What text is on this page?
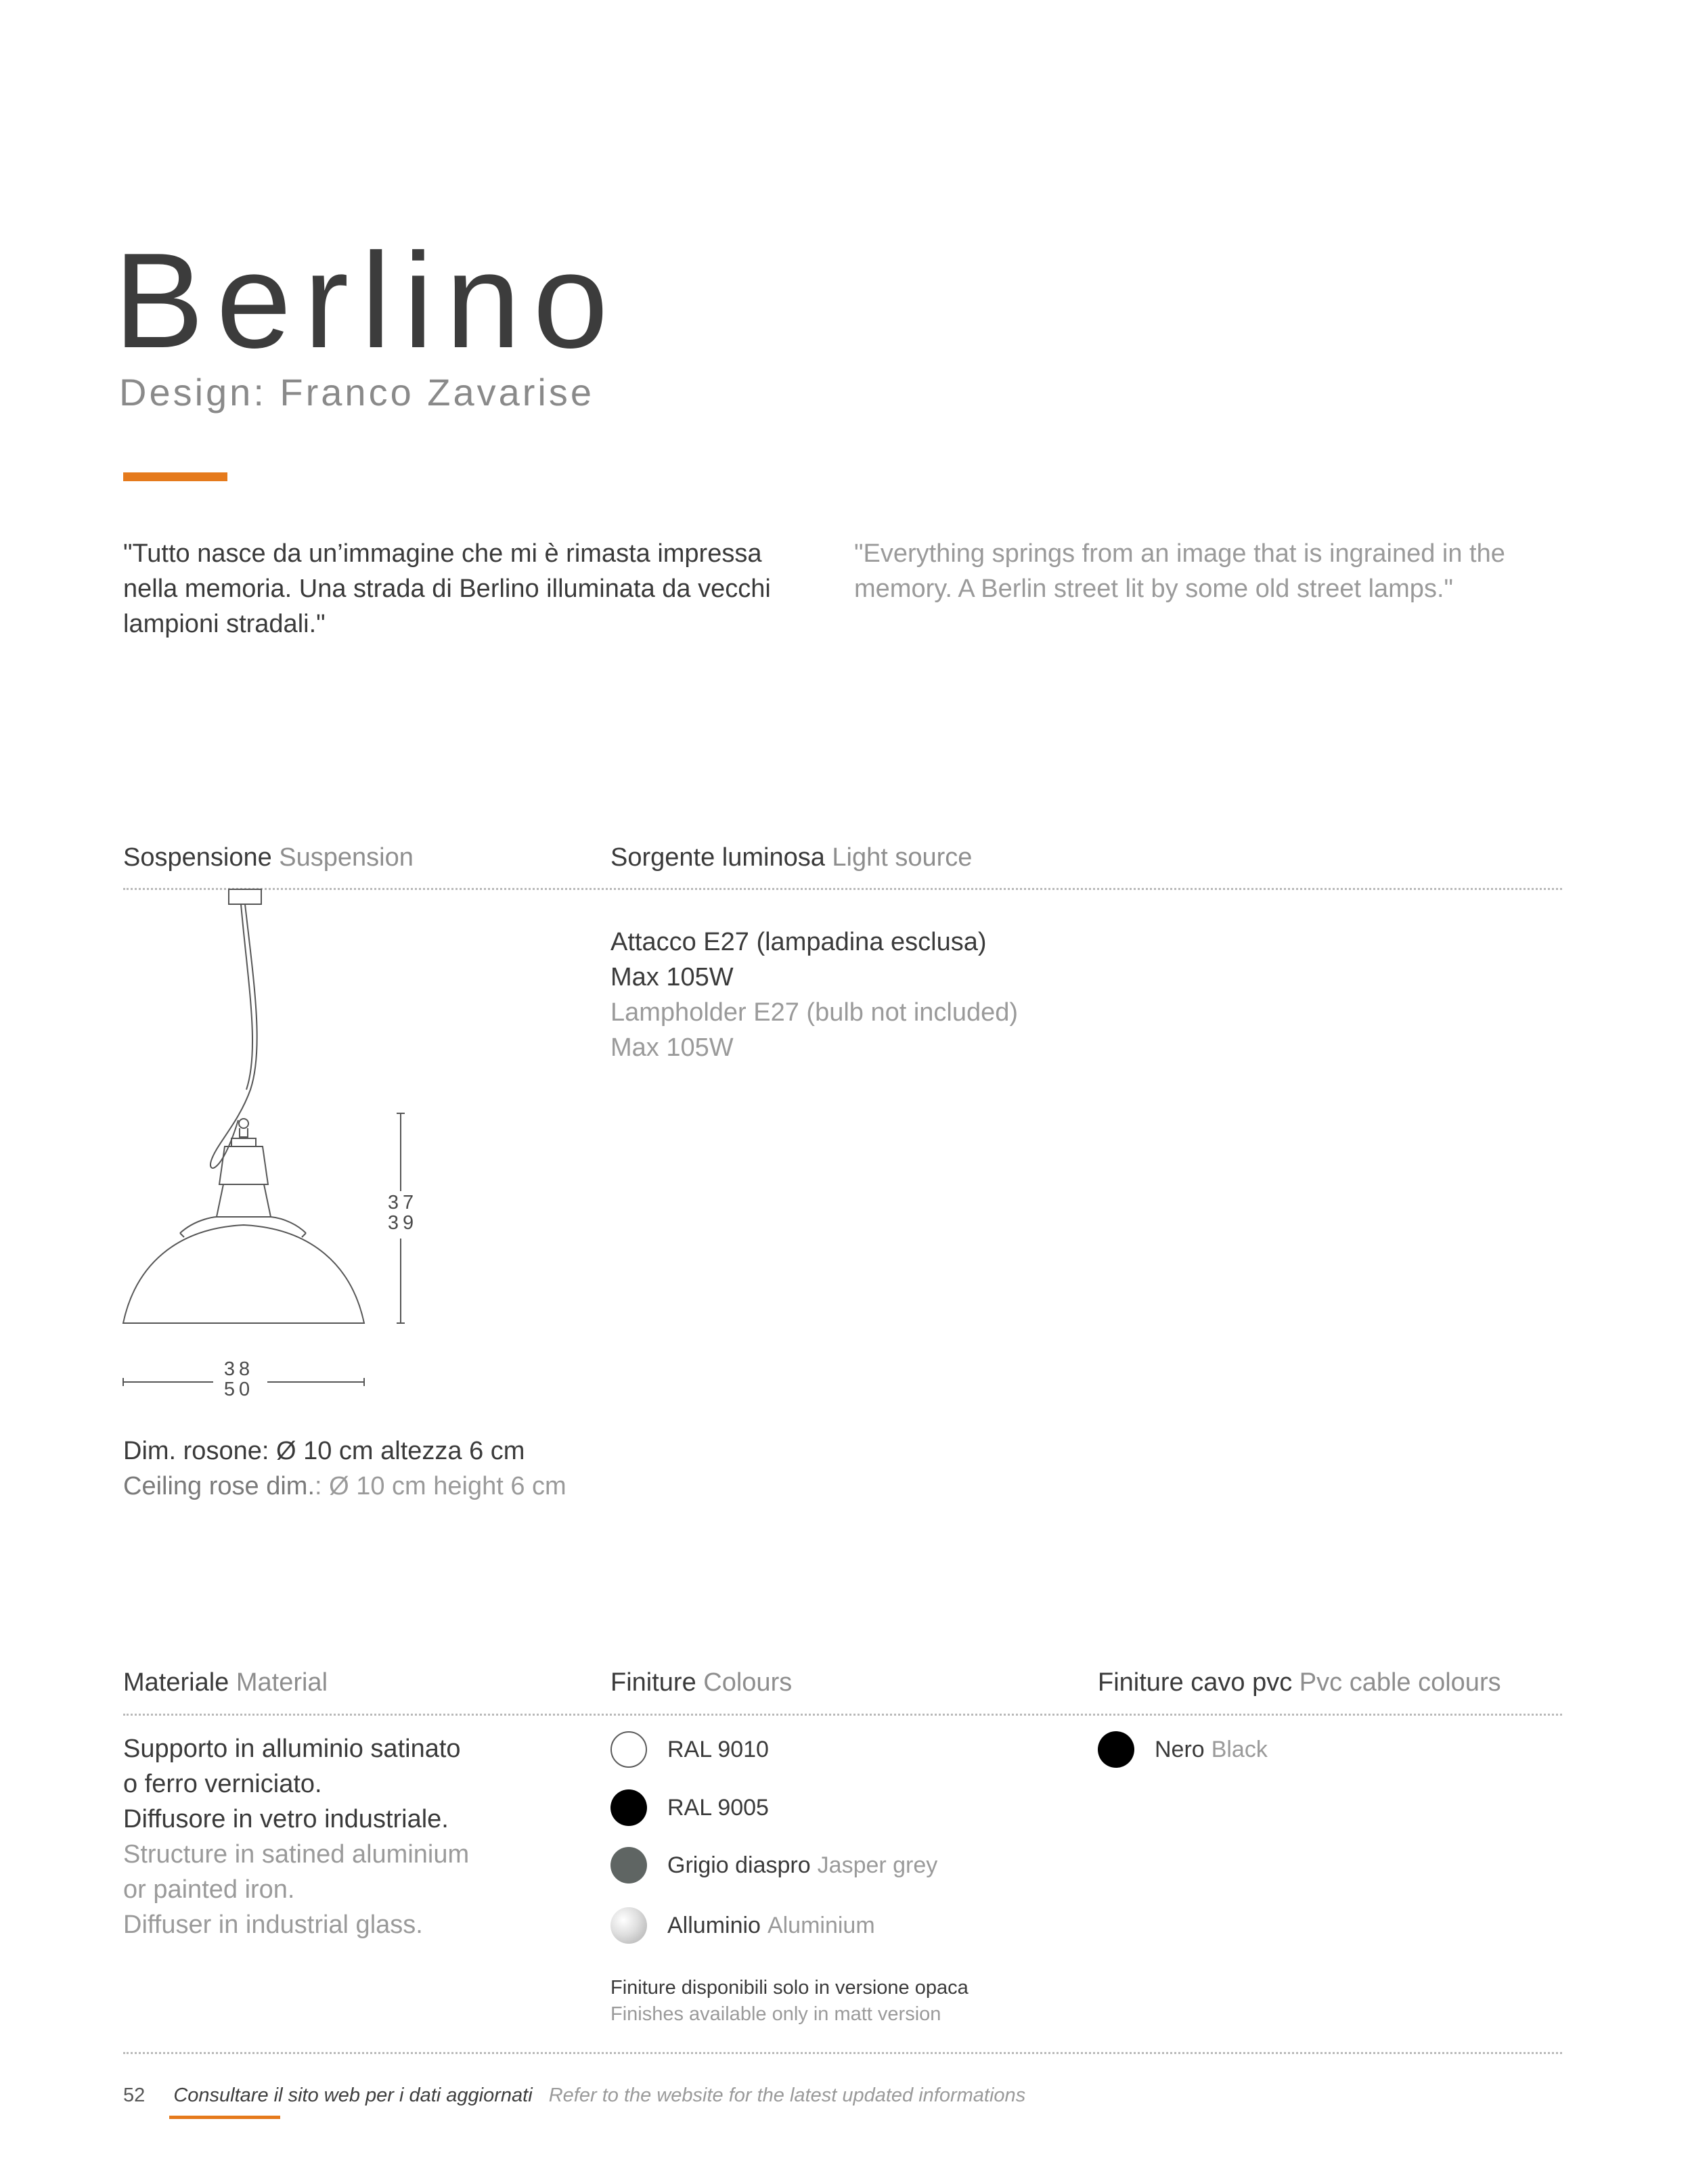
Berlino
Design: Franco Zavarise
"Tutto nasce da un’immagine che mi è rimasta impressa nella memoria. Una strada di Berlino illuminata da vecchi lampioni stradali."
"Everything springs from an image that is ingrained in the memory. A Berlin street lit by some old street lamps."
Sospensione Suspension	Sorgente luminosa Light source
37
39
38
50
Dim. rosone: Ø 10 cm altezza 6 cm
Ceiling rose dim.: Ø 10 cm height 6 cm
Attacco E27 (lampadina esclusa)
Max 105W
Lampholder E27 (bulb not included)
Max 105W
Materiale Material	Finiture Colours	Finiture cavo pvc Pvc cable colours
Supporto in alluminio satinato
o ferro verniciato.
Diffusore in vetro industriale.
Structure in satined aluminium
or painted iron.
Diffuser in industrial glass.
RAL 9010
RAL 9005
Grigio diaspro Jasper grey
Alluminio Aluminium
Finiture disponibili solo in versione opaca
Finishes available only in matt version
Nero Black
52 Consultare il sito web per i dati aggiornati Refer to the website for the latest updated informations
